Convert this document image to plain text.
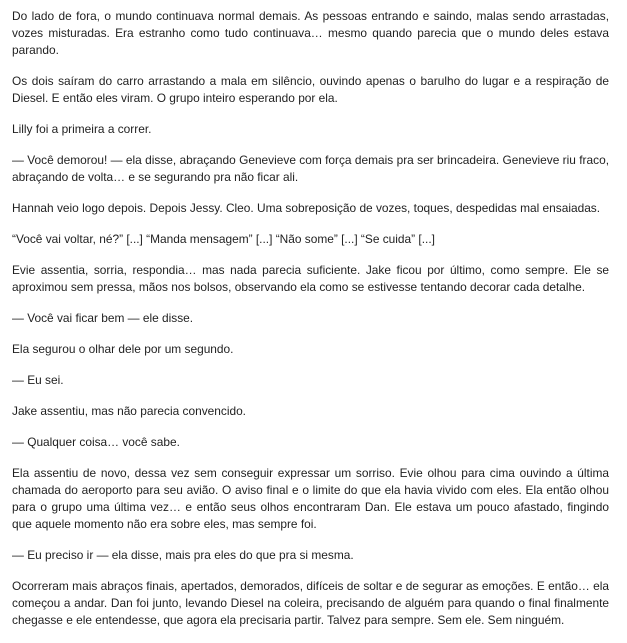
Do lado de fora, o mundo continuava normal demais. As pessoas entrando e saindo, malas sendo arrastadas, vozes misturadas. Era estranho como tudo continuava… mesmo quando parecia que o mundo deles estava parando.

Os dois saíram do carro arrastando a mala em silêncio, ouvindo apenas o barulho do lugar e a respiração de Diesel. E então eles viram. O grupo inteiro esperando por ela.

Lilly foi a primeira a correr.

— Você demorou! — ela disse, abraçando Genevieve com força demais pra ser brincadeira. Genevieve riu fraco, abraçando de volta… e se segurando pra não ficar ali.

Hannah veio logo depois. Depois Jessy. Cleo. Uma sobreposição de vozes, toques, despedidas mal ensaiadas.

“Você vai voltar, né?” [...] “Manda mensagem” [...] “Não some” [...] “Se cuida” [...]

Evie assentia, sorria, respondia… mas nada parecia suficiente. Jake ficou por último, como sempre. Ele se aproximou sem pressa, mãos nos bolsos, observando ela como se estivesse tentando decorar cada detalhe.

— Você vai ficar bem — ele disse.

Ela segurou o olhar dele por um segundo.

— Eu sei.

Jake assentiu, mas não parecia convencido.

— Qualquer coisa… você sabe.

Ela assentiu de novo, dessa vez sem conseguir expressar um sorriso. Evie olhou para cima ouvindo a última chamada do aeroporto para seu avião. O aviso final e o limite do que ela havia vivido com eles. Ela então olhou para o grupo uma última vez… e então seus olhos encontraram Dan. Ele estava um pouco afastado, fingindo que aquele momento não era sobre eles, mas sempre foi.

— Eu preciso ir — ela disse, mais pra eles do que pra si mesma.

Ocorreram mais abraços finais, apertados, demorados, difíceis de soltar e de segurar as emoções. E então… ela começou a andar. Dan foi junto, levando Diesel na coleira, precisando de alguém para quando o final finalmente chegasse e ele entendesse, que agora ela precisaria partir. Talvez para sempre. Sem ele. Sem ninguém.
